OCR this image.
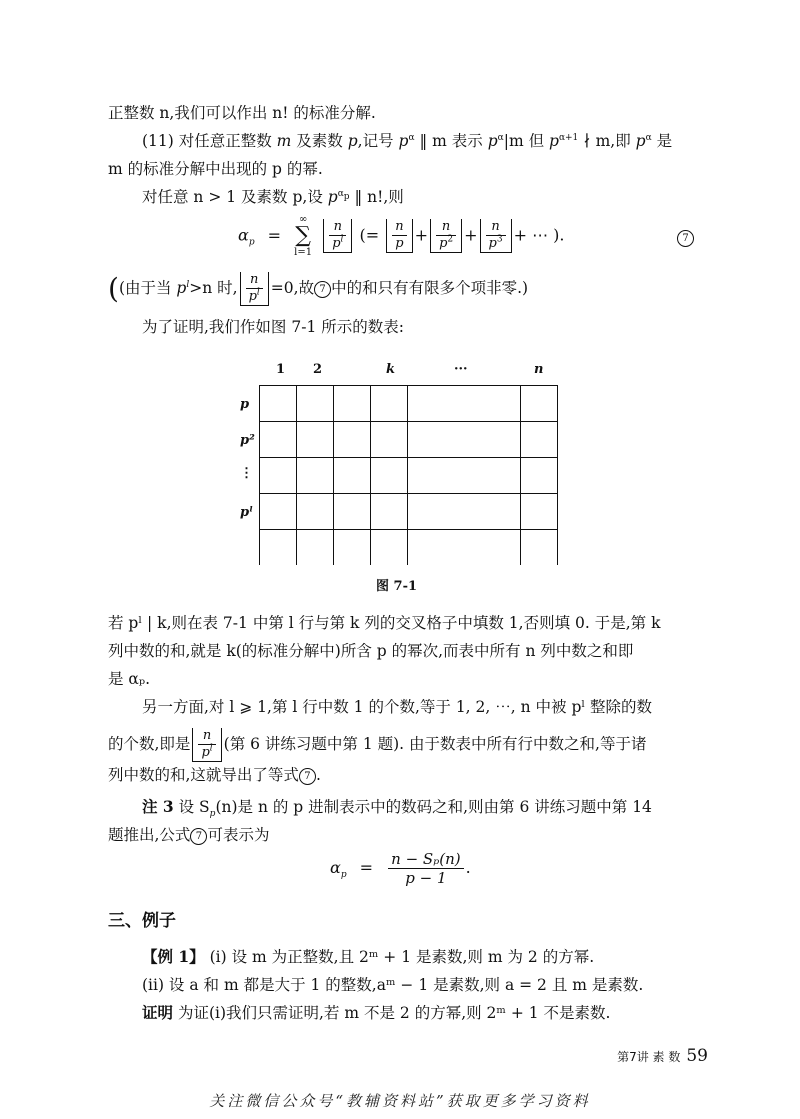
正整数 n,我们可以作出 n! 的标准分解.
(11) 对任意正整数 m 及素数 p,记号 $p^\alpha$ ‖ m 表示 $p^\alpha|m$ 但 $p^{\alpha+1}$ ∤ m,即 $p^\alpha$ 是
m 的标准分解中出现的 p 的幂.
对任意 n > 1 及素数 p,设 $p^{\alpha_p}$ ‖ n!,则
$\alpha_p$ =
∞
∑
l=1

$\frac{n}{p^l}$ (= $\frac{n}{p} + \frac{n}{p^2} + \frac{n}{p^3}$ + ⋯ ).	7
((由于当 $p^l>n$ 时, $\frac{n}{p^l} =0$,故 7 中的和只有有限多个项非零.)
为了证明,我们作如图 7-1 所示的数表:
1 2	k	···	n
p
p²
⋮
pˡ

图 7-1
若 pˡ | k,则在表 7-1 中第 l 行与第 k 列的交叉格子中填数 1,否则填 0. 于是,第 k
列中数的和,就是 k(的标准分解中)所含 p 的幂次,而表中所有 n 列中数之和即
是 αₚ.
另一方面,对 l ⩾ 1,第 l 行中数 1 的个数,等于 1, 2, ⋯, n 中被 pˡ 整除的数
的个数,即是 $\frac{n}{p^l}$ (第 6 讲练习题中第 1 题). 由于数表中所有行中数之和,等于诸
列中数的和,这就导出了等式 7 .
注 3 设 $S_p(n)$是 n 的 p 进制表示中的数码之和,则由第 6 讲练习题中第 14
题推出,公式 7 可表示为
$\alpha_p = \frac{\text{n − Sₚ(n)}}{p - 1}$ .
三、例子
【例 1】 (i) 设 m 为正整数,且 2ᵐ + 1 是素数,则 m 为 2 的方幂.
(ii) 设 a 和 m 都是大于 1 的整数,aᵐ − 1 是素数,则 a = 2 且 m 是素数.
证明 为证(i)我们只需证明,若 m 不是 2 的方幂,则 2ᵐ + 1 不是素数.
第7讲 素 数 59
关注微信公众号“教辅资料站”获取更多学习资料
